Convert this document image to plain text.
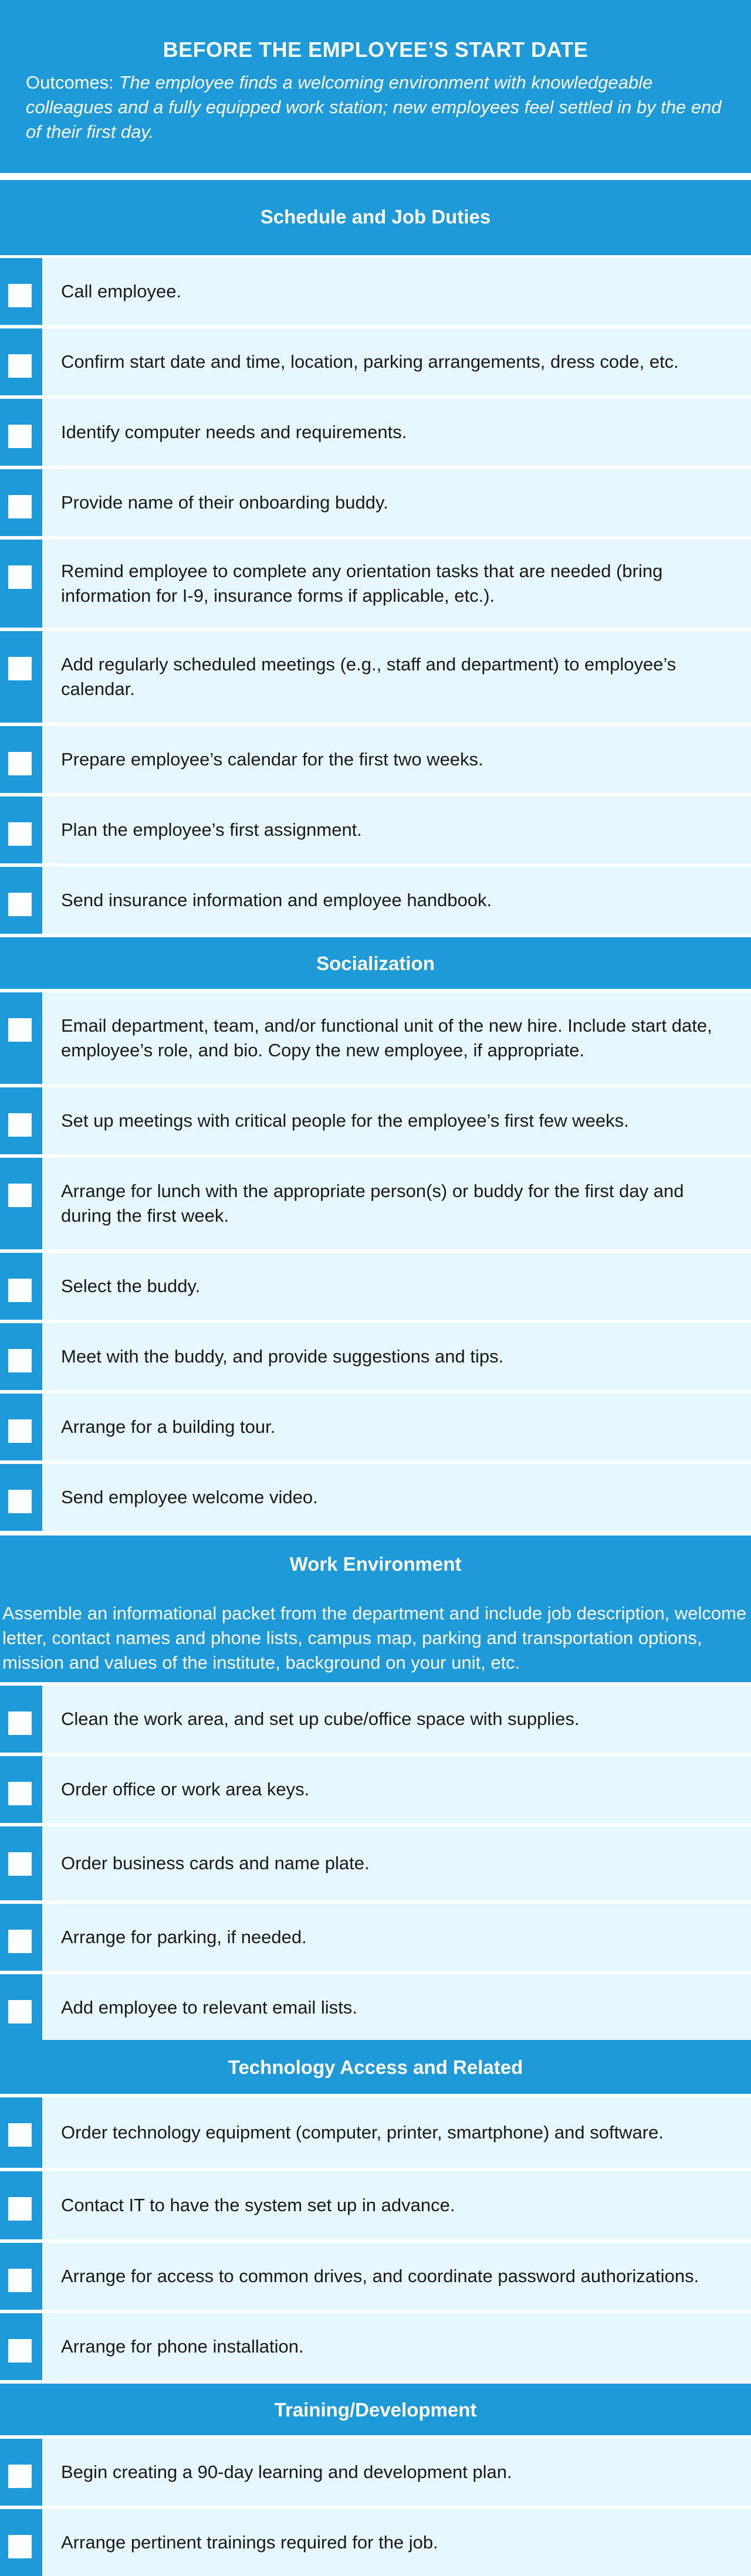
BEFORE THE EMPLOYEE’S START DATE
Outcomes: The employee finds a welcoming environment with knowledgeable colleagues and a fully equipped work station; new employees feel settled in by the end of their first day.
Schedule and Job Duties
Call employee.
Confirm start date and time, location, parking arrangements, dress code, etc.
Identify computer needs and requirements.
Provide name of their onboarding buddy.
Remind employee to complete any orientation tasks that are needed (bring information for I-9, insurance forms if applicable, etc.).
Add regularly scheduled meetings (e.g., staff and department) to employee’s calendar.
Prepare employee’s calendar for the first two weeks.
Plan the employee’s first assignment.
Send insurance information and employee handbook.
Socialization
Email department, team, and/or functional unit of the new hire. Include start date, employee’s role, and bio. Copy the new employee, if appropriate.
Set up meetings with critical people for the employee’s first few weeks.
Arrange for lunch with the appropriate person(s) or buddy for the first day and during the first week.
Select the buddy.
Meet with the buddy, and provide suggestions and tips.
Arrange for a building tour.
Send employee welcome video.
Work Environment
Assemble an informational packet from the department and include job description, welcome letter, contact names and phone lists, campus map, parking and transportation options, mission and values of the institute, background on your unit, etc.
Clean the work area, and set up cube/office space with supplies.
Order office or work area keys.
Order business cards and name plate.
Arrange for parking, if needed.
Add employee to relevant email lists.
Technology Access and Related
Order technology equipment (computer, printer, smartphone) and software.
Contact IT to have the system set up in advance.
Arrange for access to common drives, and coordinate password authorizations.
Arrange for phone installation.
Training/Development
Begin creating a 90-day learning and development plan.
Arrange pertinent trainings required for the job.
